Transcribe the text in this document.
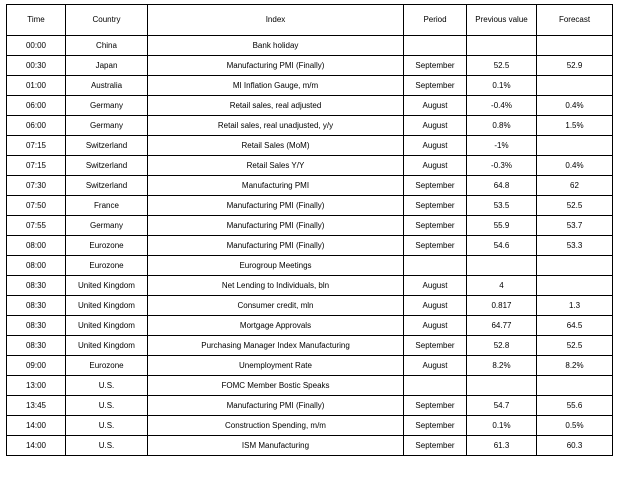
Time	Country	Index	Period	Previous value	Forecast

00:00	China	Bank holiday			

00:30	Japan	Manufacturing PMI (Finally)	September	52.5	52.9

01:00	Australia	MI Inflation Gauge, m/m	September	0.1%	

06:00	Germany	Retail sales, real adjusted	August	-0.4%	0.4%

06:00	Germany	Retail sales, real unadjusted, y/y	August	0.8%	1.5%

07:15	Switzerland	Retail Sales (MoM)	August	-1%	

07:15	Switzerland	Retail Sales Y/Y	August	-0.3%	0.4%

07:30	Switzerland	Manufacturing PMI	September	64.8	62

07:50	France	Manufacturing PMI (Finally)	September	53.5	52.5

07:55	Germany	Manufacturing PMI (Finally)	September	55.9	53.7

08:00	Eurozone	Manufacturing PMI (Finally)	September	54.6	53.3

08:00	Eurozone	Eurogroup Meetings			

08:30	United Kingdom	Net Lending to Individuals, bln	August	4	

08:30	United Kingdom	Consumer credit, mln	August	0.817	1.3

08:30	United Kingdom	Mortgage Approvals	August	64.77	64.5

08:30	United Kingdom	Purchasing Manager Index Manufacturing	September	52.8	52.5

09:00	Eurozone	Unemployment Rate	August	8.2%	8.2%

13:00	U.S.	FOMC Member Bostic Speaks			

13:45	U.S.	Manufacturing PMI (Finally)	September	54.7	55.6

14:00	U.S.	Construction Spending, m/m	September	0.1%	0.5%

14:00	U.S.	ISM Manufacturing	September	61.3	60.3
